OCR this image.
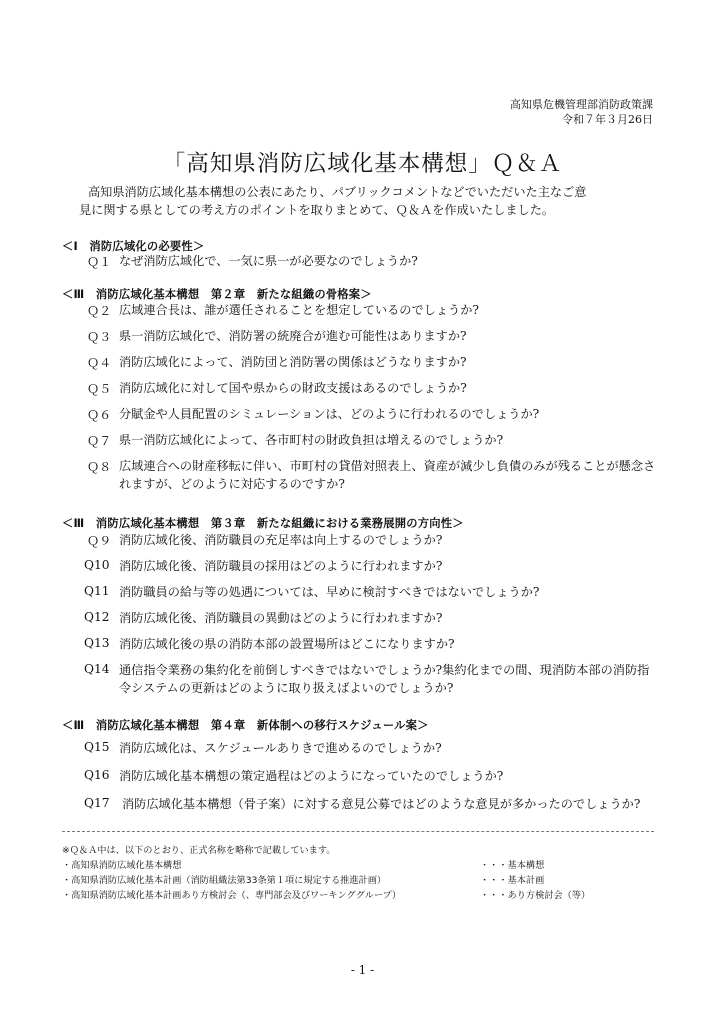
高知県危機管理部消防政策課
令和７年３月26日
「高知県消防広域化基本構想」Ｑ＆Ａ

高知県消防広域化基本構想の公表にあたり、パブリックコメントなどでいただいた主なご意

見に関する県としての考え方のポイントを取りまとめて、Ｑ＆Ａを作成いたしました。

＜Ⅰ　消防広域化の必要性＞
Ｑ１ なぜ消防広域化で、一気に県一が必要なのでしょうか?
＜Ⅲ　消防広域化基本構想　第２章　新たな組織の骨格案＞
Ｑ２ 広域連合長は、誰が選任されることを想定しているのでしょうか?
Ｑ３ 県一消防広域化で、消防署の統廃合が進む可能性はありますか?
Ｑ４ 消防広域化によって、消防団と消防署の関係はどうなりますか?
Ｑ５ 消防広域化に対して国や県からの財政支援はあるのでしょうか?
Ｑ６ 分賦金や人員配置のシミュレーションは、どのように行われるのでしょうか?
Ｑ７ 県一消防広域化によって、各市町村の財政負担は増えるのでしょうか?
Ｑ８ 広域連合への財産移転に伴い、市町村の貸借対照表上、資産が減少し負債のみが残ることが懸念されますが、どのように対応するのですか?
＜Ⅲ　消防広域化基本構想　第３章　新たな組織における業務展開の方向性＞
Ｑ９ 消防広域化後、消防職員の充足率は向上するのでしょうか?
Q10 消防広域化後、消防職員の採用はどのように行われますか?
Q11 消防職員の給与等の処遇については、早めに検討すべきではないでしょうか?
Q12 消防広域化後、消防職員の異動はどのように行われますか?
Q13 消防広域化後の県の消防本部の設置場所はどこになりますか?
Q14 通信指令業務の集約化を前倒しすべきではないでしょうか?集約化までの間、現消防本部の消防指令システムの更新はどのように取り扱えばよいのでしょうか?
＜Ⅲ　消防広域化基本構想　第４章　新体制への移行スケジュール案＞
Q15 消防広域化は、スケジュールありきで進めるのでしょうか?
Q16 消防広域化基本構想の策定過程はどのようになっていたのでしょうか?
Q17 消防広域化基本構想（骨子案）に対する意見公募ではどのような意見が多かったのでしょうか?
※Ｑ＆Ａ中は、以下のとおり、正式名称を略称で記載しています。
・高知県消防広域化基本構想	・・・基本構想
・高知県消防広域化基本計画（消防組織法第33条第１項に規定する推進計画）	・・・基本計画
・高知県消防広域化基本計画あり方検討会（、専門部会及びワーキンググループ）	・・・あり方検討会（等）
- 1 -
